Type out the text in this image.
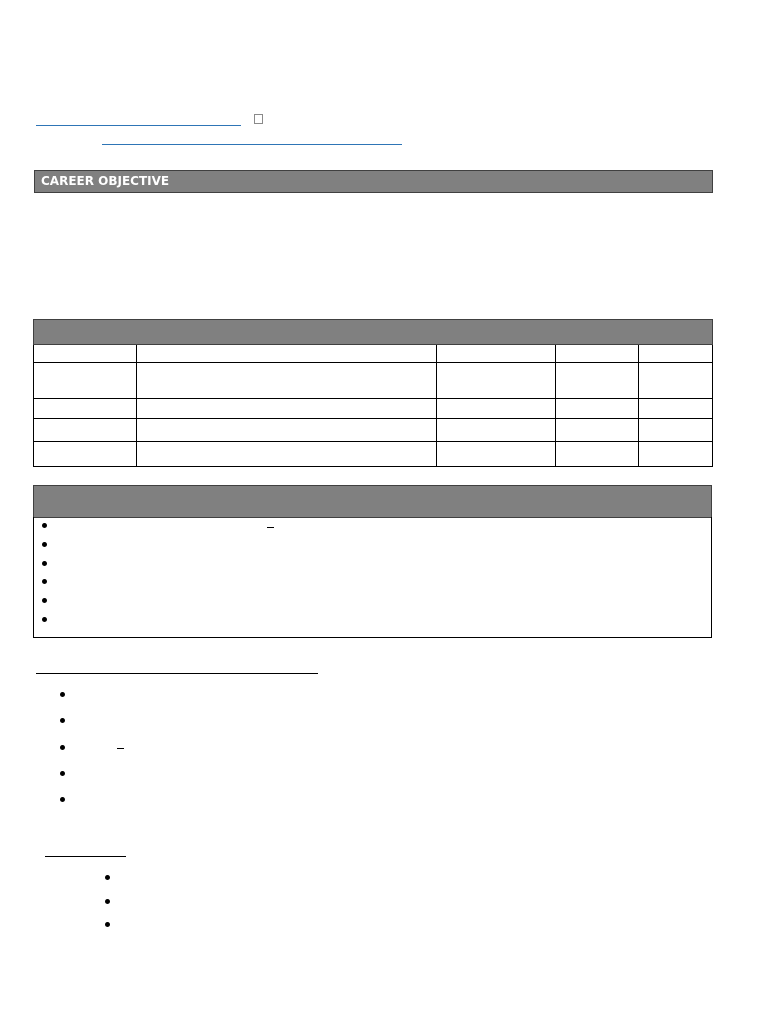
CAREER OBJECTIVE
